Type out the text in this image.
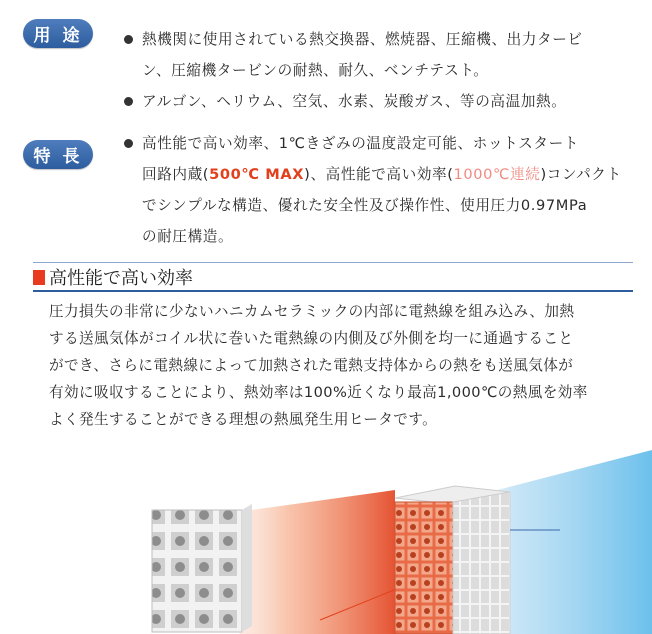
用 途	熱機関に使用されている熱交換器、燃焼器、圧縮機、出力タービ
ン、圧縮機タービンの耐熱、耐久、ベンチテスト。
アルゴン、ヘリウム、空気、水素、炭酸ガス、等の高温加熱。
特 長
高性能で高い効率、1℃きざみの温度設定可能、ホットスタート
回路内蔵(500℃ MAX)、高性能で高い効率(1000℃連続)コンパクト
でシンプルな構造、優れた安全性及び操作性、使用圧力0.97MPa
の耐圧構造。
高性能で高い効率
圧力損失の非常に少ないハニカムセラミックの内部に電熱線を組み込み、加熱
する送風気体がコイル状に巻いた電熱線の内側及び外側を均一に通過すること
ができ、さらに電熱線によって加熱された電熱支持体からの熱をも送風気体が
有効に吸収することにより、熱効率は100%近くなり最高1,000℃の熱風を効率
よく発生することができる理想の熱風発生用ヒータです。
